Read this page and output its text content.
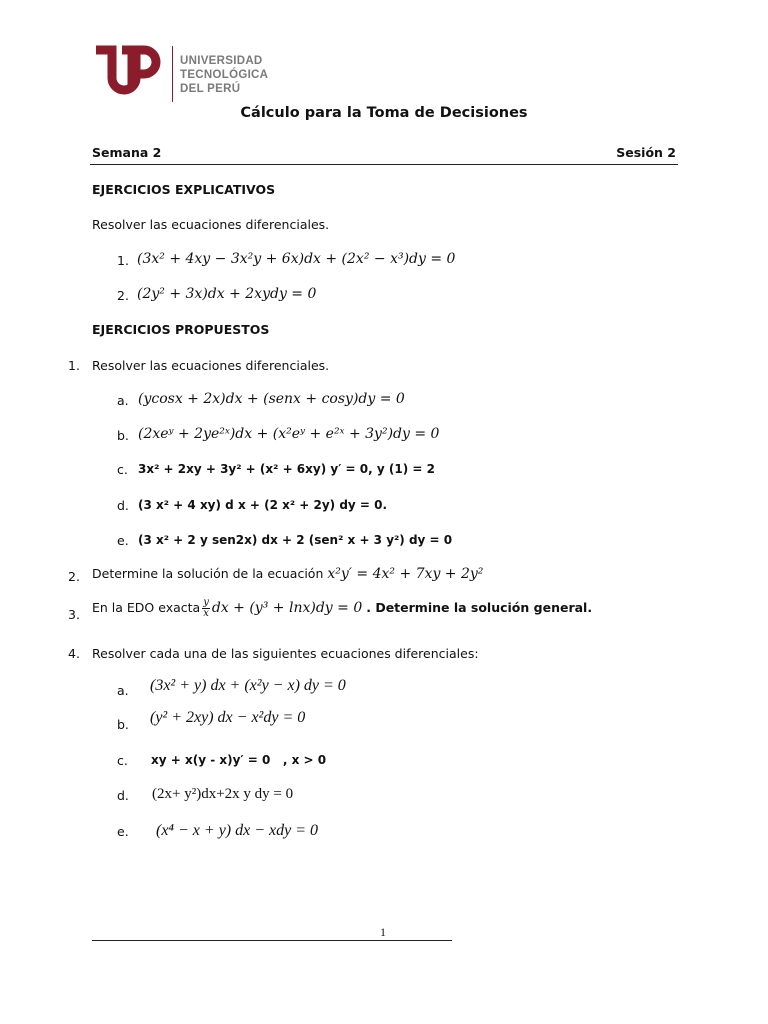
UNIVERSIDAD
TECNOLÓGICA
DEL PERÚ
Cálculo para la Toma de Decisiones
Semana 2	Sesión 2
EJERCICIOS EXPLICATIVOS
Resolver las ecuaciones diferenciales.
1. (3x² + 4xy − 3x²y + 6x)dx + (2x² − x³)dy = 0
2. (2y² + 3x)dx + 2xydy = 0
EJERCICIOS PROPUESTOS
1. Resolver las ecuaciones diferenciales.
a. (ycosx + 2x)dx + (senx + cosy)dy = 0
b. (2xeʸ + 2ye²ˣ)dx + (x²eʸ + e²ˣ + 3y²)dy = 0
c. 3x² + 2xy + 3y² + (x² + 6xy) y′ = 0, y (1) = 2
d. (3 x² + 4 xy) d x + (2 x² + 2y) dy = 0.
e. (3 x² + 2 y sen2x) dx + 2 (sen² x + 3 y²) dy = 0
2. Determine la solución de la ecuación x²y′ = 4x² + 7xy + 2y²
3. En la EDO exacta $\frac{y}{x}$ dx + (y³ + lnx)dy = 0 . Determine la solución general.
4. Resolver cada una de las siguientes ecuaciones diferenciales:
a. (3x² + y) dx + (x²y − x) dy = 0
b. (y² + 2xy) dx − x²dy = 0
c. xy + x(y - x)y′ = 0   , x > 0
d. (2x+ y²)dx+2x y dy = 0
e. (x⁴ − x + y) dx − xdy = 0
1
